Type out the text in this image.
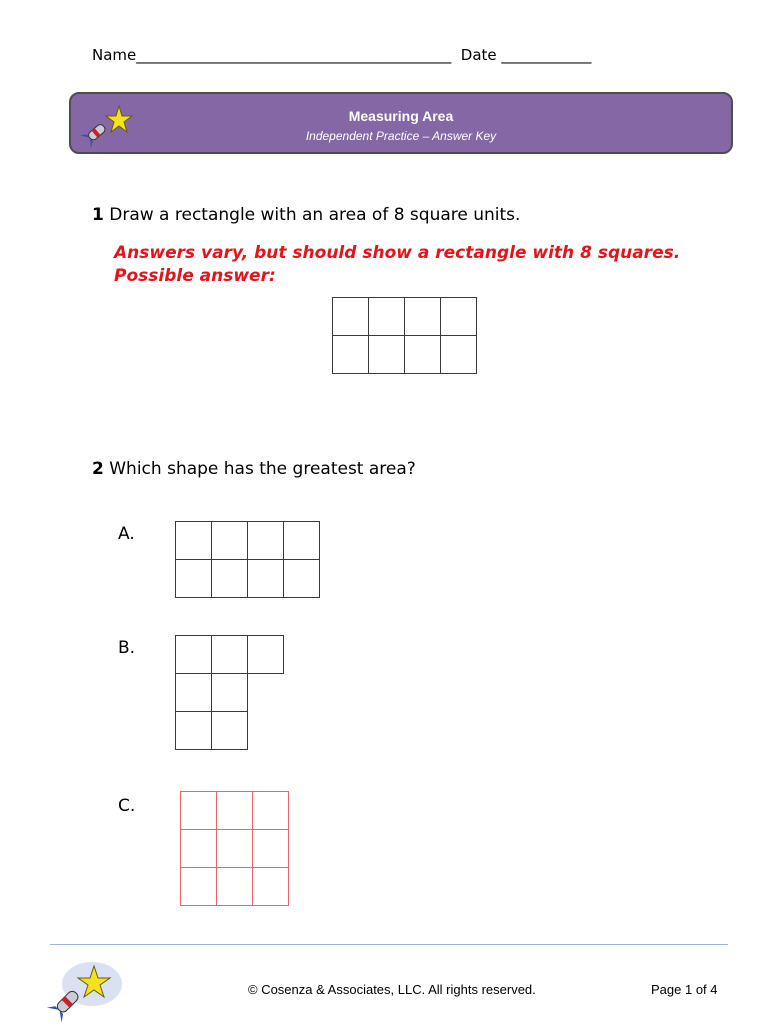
Name__________________________________________  Date ____________
Measuring Area
Independent Practice – Answer Key
1 Draw a rectangle with an area of 8 square units.
Answers vary, but should show a rectangle with 8 squares.
Possible answer:

2 Which shape has the greatest area?
A.

B.

C.

© Cosenza & Associates, LLC. All rights reserved.	Page 1 of 4
